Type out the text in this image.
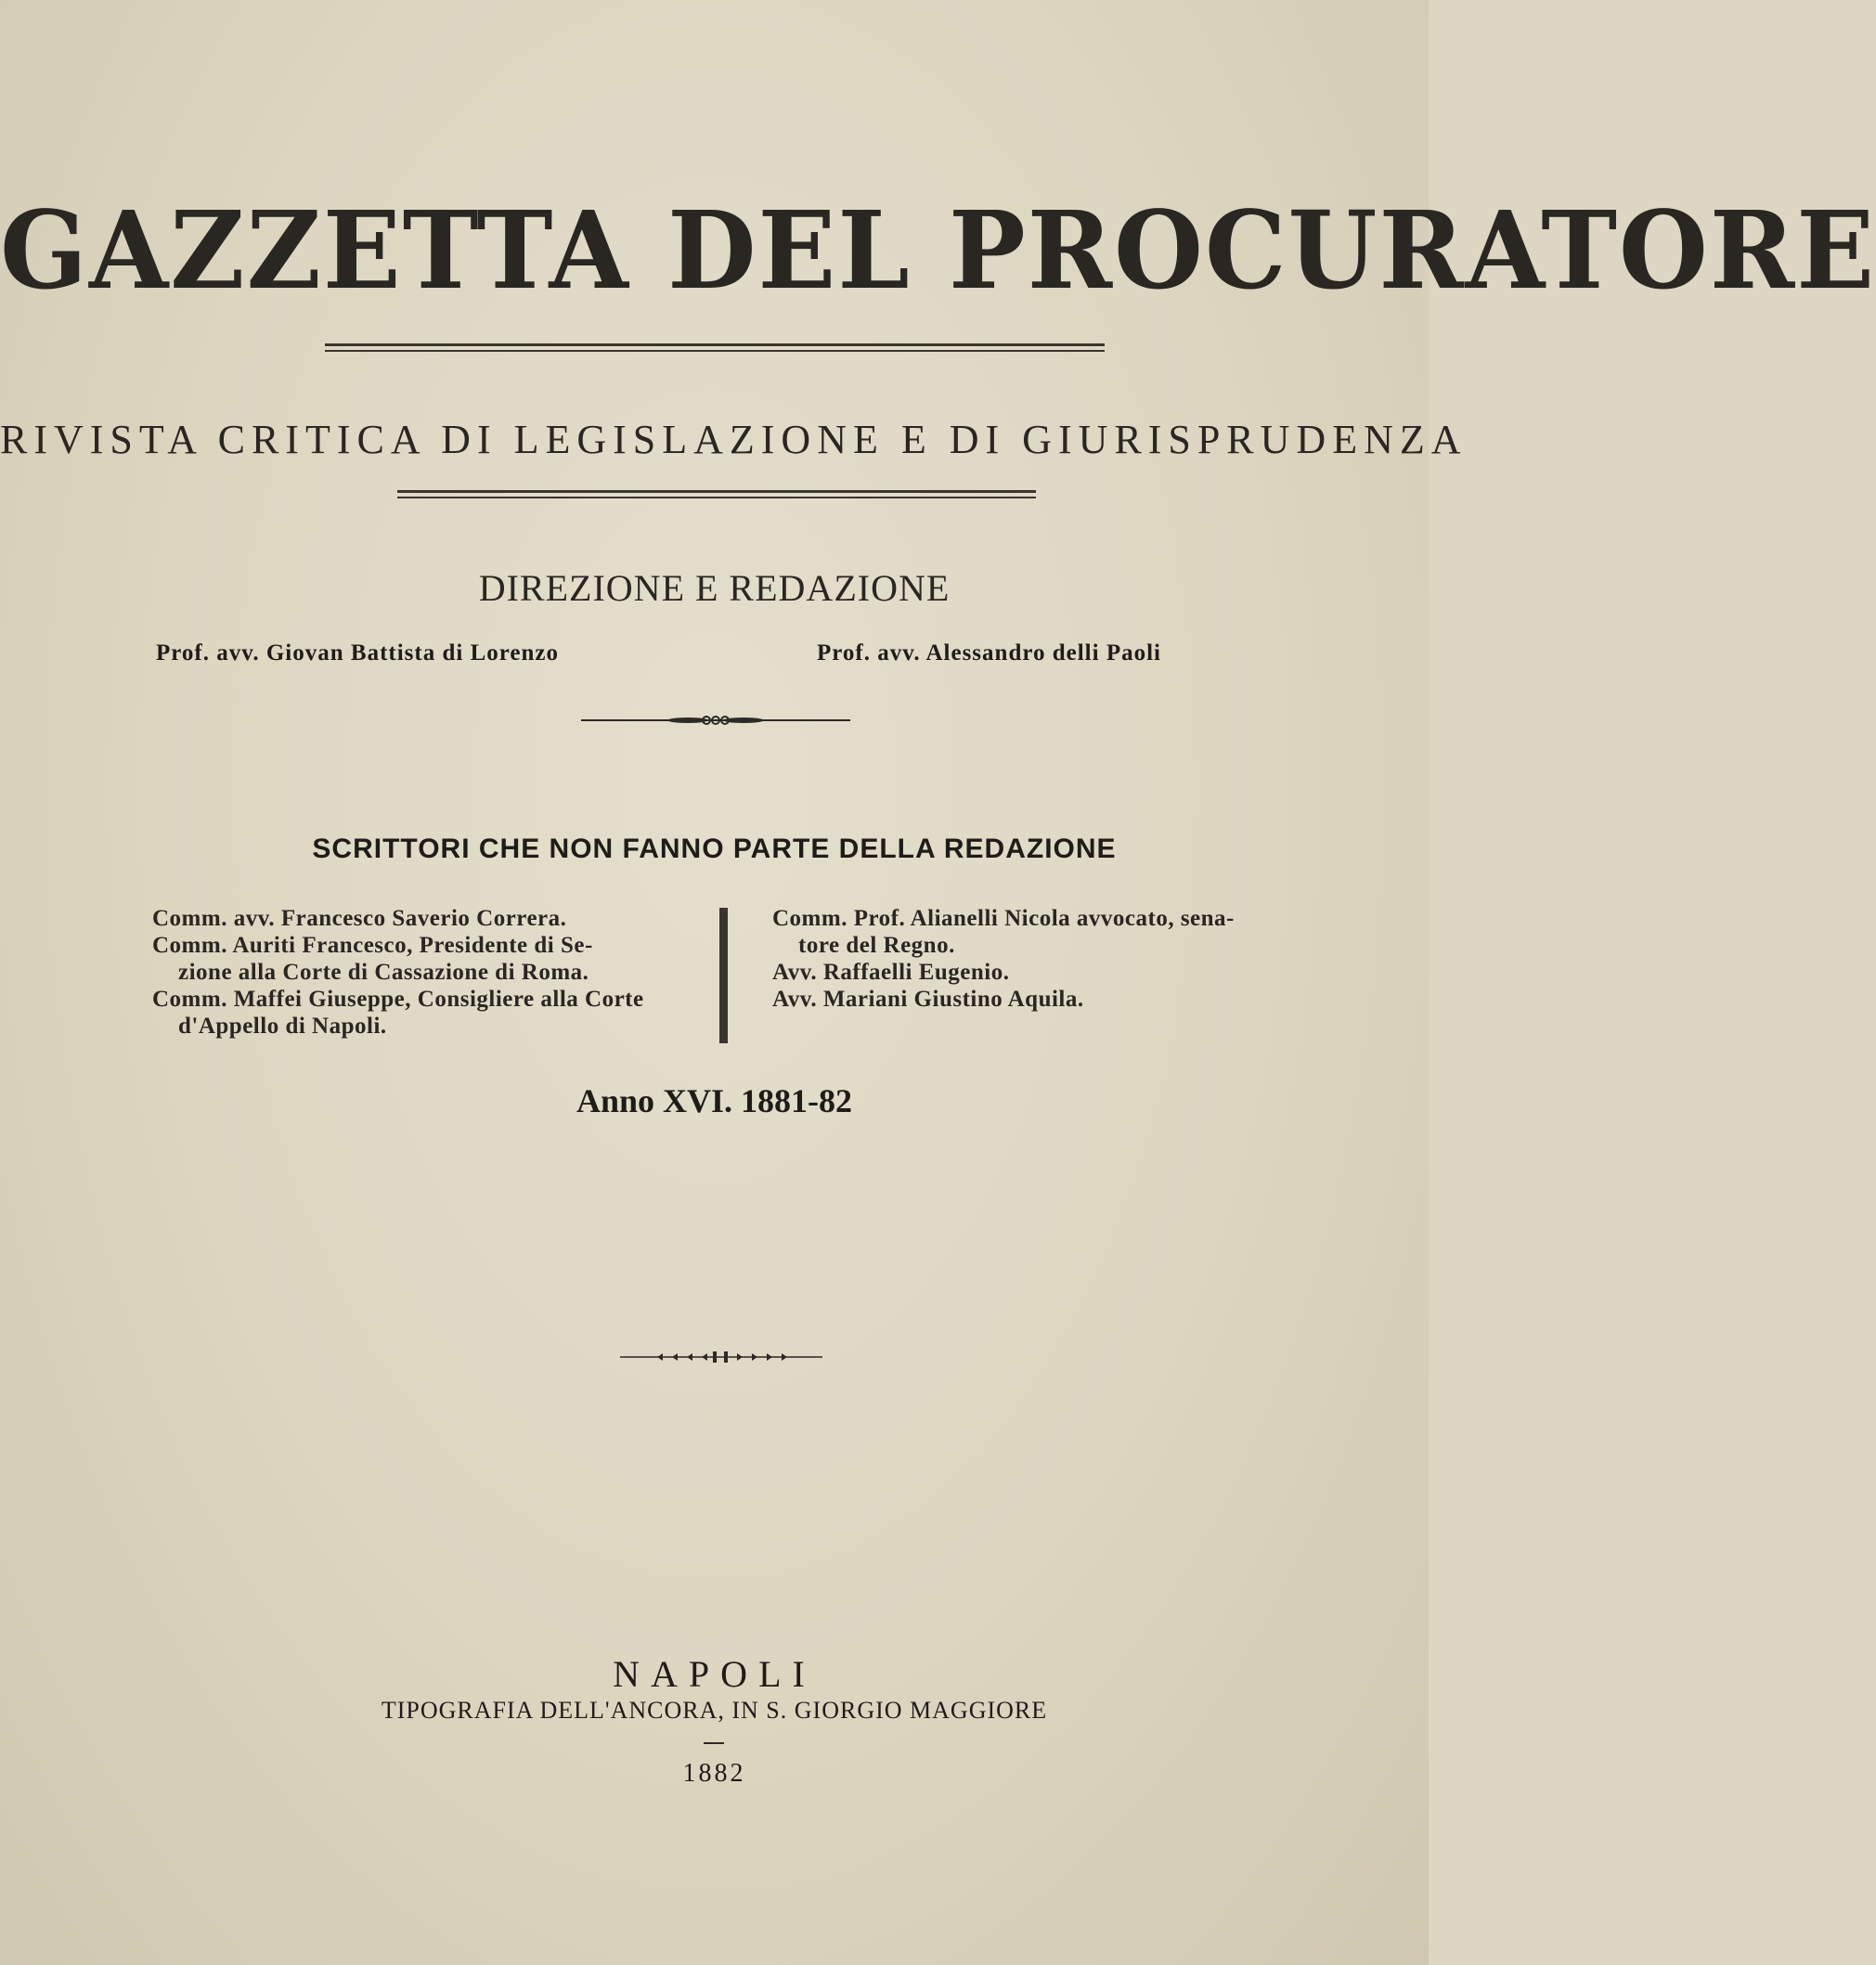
GAZZETTA DEL PROCURATORE
RIVISTA CRITICA DI LEGISLAZIONE E DI GIURISPRUDENZA
DIREZIONE E REDAZIONE
Prof. avv. Giovan Battista di Lorenzo	Prof. avv. Alessandro delli Paoli
SCRITTORI CHE NON FANNO PARTE DELLA REDAZIONE
Comm. avv. Francesco Saverio Correra.
Comm. Auriti Francesco, Presidente di Se-
zione alla Corte di Cassazione di Roma.
Comm. Maffei Giuseppe, Consigliere alla Corte
d'Appello di Napoli.
Comm. Prof. Alianelli Nicola avvocato, sena-
tore del Regno.
Avv. Raffaelli Eugenio.
Avv. Mariani Giustino Aquila.
Anno XVI. 1881-82
NAPOLI
TIPOGRAFIA DELL'ANCORA, IN S. GIORGIO MAGGIORE
1882
